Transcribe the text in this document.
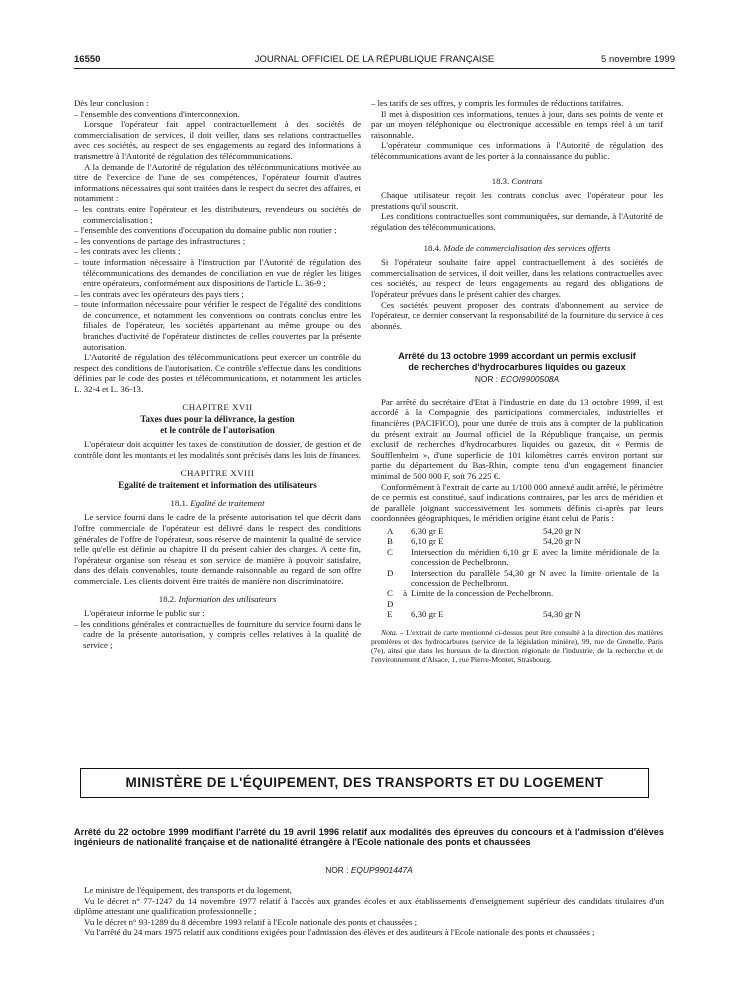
16550	JOURNAL OFFICIEL DE LA RÉPUBLIQUE FRANÇAISE	5 novembre 1999

Dès leur conclusion :

– l'ensemble des conventions d'interconnexion.

Lorsque l'opérateur fait appel contractuellement à des sociétés de commercialisation de services, il doit veiller, dans ses relations contractuelles avec ces sociétés, au respect de ses engagements au regard des informations à transmettre à l'Autorité de régulation des télécommunications.

A la demande de l'Autorité de régulation des télécommunications motivée au titre de l'exercice de l'une de ses compétences, l'opérateur fournit d'autres informations nécessaires qui sont traitées dans le respect du secret des affaires, et notamment :

– les contrats entre l'opérateur et les distributeurs, revendeurs ou sociétés de commercialisation ;
– l'ensemble des conventions d'occupation du domaine public non routier ;
– les conventions de partage des infrastructures ;
– les contrats avec les clients ;
– toute information nécessaire à l'instruction par l'Autorité de régulation des télécommunications des demandes de conciliation en vue de régler les litiges entre opérateurs, conformément aux dispositions de l'article L. 36-9 ;
– les contrats avec les opérateurs des pays tiers ;
– toute information nécessaire pour vérifier le respect de l'égalité des conditions de concurrence, et notamment les conventions ou contrats conclus entre les filiales de l'opérateur, les sociétés appartenant au même groupe ou des branches d'activité de l'opérateur distinctes de celles couvertes par la présente autorisation.

L'Autorité de régulation des télécommunications peut exercer un contrôle du respect des conditions de l'autorisation. Ce contrôle s'effectue dans les conditions définies par le code des postes et télécommunications, et notamment les articles L. 32-4 et L. 36-13.

CHAPITRE XVII
Taxes dues pour la délivrance, la gestion
et le contrôle de l'autorisation

L'opérateur doit acquitter les taxes de constitution de dossier, de gestion et de contrôle dont les montants et les modalités sont précisés dans les lois de finances.

CHAPITRE XVIII
Egalité de traitement et information des utilisateurs
18.1. Egalité de traitement

Le service fourni dans le cadre de la présente autorisation tel que décrit dans l'offre commerciale de l'opérateur est délivré dans le respect des conditions générales de l'offre de l'opérateur, sous réserve de maintenir la qualité de service telle qu'elle est définie au chapitre II du présent cahier des charges. A cette fin, l'opérateur organise son réseau et son service de manière à pouvoir satisfaire, dans des délais convenables, toute demande raisonnable au regard de son offre commerciale. Les clients doivent être traités de manière non discriminatoire.

18.2. Information des utilisateurs

L'opérateur informe le public sur :

– les conditions générales et contractuelles de fourniture du service fourni dans le cadre de la présente autorisation, y compris celles relatives à la qualité de service ;
– les tarifs de ses offres, y compris les formules de réductions tarifaires.

Il met à disposition ces informations, tenues à jour, dans ses points de vente et par un moyen téléphonique ou électronique accessible en temps réel à un tarif raisonnable.

L'opérateur communique ces informations à l'Autorité de régulation des télécommunications avant de les porter à la connaissance du public.

18.3. Contrats

Chaque utilisateur reçoit les contrats conclus avec l'opérateur pour les prestations qu'il souscrit.

Les conditions contractuelles sont communiquées, sur demande, à l'Autorité de régulation des télécommunications.

18.4. Mode de commercialisation des services offerts

Si l'opérateur souhaite faire appel contractuellement à des sociétés de commercialisation de services, il doit veiller, dans les relations contractuelles avec ces sociétés, au respect de leurs engagements au regard des obligations de l'opérateur prévues dans le présent cahier des charges.

Ces sociétés peuvent proposer des contrats d'abonnement au service de l'opérateur, ce dernier conservant la responsabilité de la fourniture du service à ces abonnés.

Arrêté du 13 octobre 1999 accordant un permis exclusif
de recherches d'hydrocarbures liquides ou gazeux
NOR : ECOI9900508A

Par arrêté du secrétaire d'Etat à l'industrie en date du 13 octobre 1999, il est accordé à la Compagnie des participations commerciales, industrielles et financières (PACIFICO), pour une durée de trois ans à compter de la publication du présent extrait au Journal officiel de la République française, un permis exclusif de recherches d'hydrocarbures liquides ou gazeux, dit « Permis de Soufflenheim », d'une superficie de 101 kilomètres carrés environ portant sur partie du département du Bas-Rhin, compte tenu d'un engagement financier minimal de 500 000 F, soit 76 225 €.

Conformément à l'extrait de carte au 1/100 000 annexé audit arrêté, le périmètre de ce permis est constitué, sauf indications contraires, par les arcs de méridien et de parallèle joignant successivement les sommets définis ci-après par leurs coordonnées géographiques, le méridien origine étant celui de Paris :

A	6,30 gr E	54,20 gr N
B	6,10 gr E	54,20 gr N
C	Intersection du méridien 6,10 gr E avec la limite méridionale de la concession de Pechelbronn.	
D	Intersection du parallèle 54,30 gr N avec la limite orientale de la concession de Pechelbronn.	
C à D	Limite de la concession de Pechelbronn.	
E	6,30 gr E	54,30 gr N
Nota. – L'extrait de carte mentionné ci-dessus peut être consulté à la direction des matières premières et des hydrocarbures (service de la législation minière), 99, rue de Grenelle, Paris (7e), ainsi que dans les bureaux de la direction régionale de l'industrie, de la recherche et de l'environnement d'Alsace, 1, rue Pierre-Montet, Strasbourg.
MINISTÈRE DE L'ÉQUIPEMENT, DES TRANSPORTS ET DU LOGEMENT
Arrêté du 22 octobre 1999 modifiant l'arrêté du 19 avril 1996 relatif aux modalités des épreuves du concours et à l'admission d'élèves ingénieurs de nationalité française et de nationalité étrangère à l'Ecole nationale des ponts et chaussées
NOR : EQUP9901447A

Le ministre de l'équipement, des transports et du logement,

Vu le décret n° 77-1247 du 14 novembre 1977 relatif à l'accès aux grandes écoles et aux établissements d'enseignement supérieur des candidats titulaires d'un diplôme attestant une qualification professionnelle ;

Vu le décret n° 93-1289 du 8 décembre 1993 relatif à l'Ecole nationale des ponts et chaussées ;

Vu l'arrêté du 24 mars 1975 relatif aux conditions exigées pour l'admission des élèves et des auditeurs à l'Ecole nationale des ponts et chaussées ;
